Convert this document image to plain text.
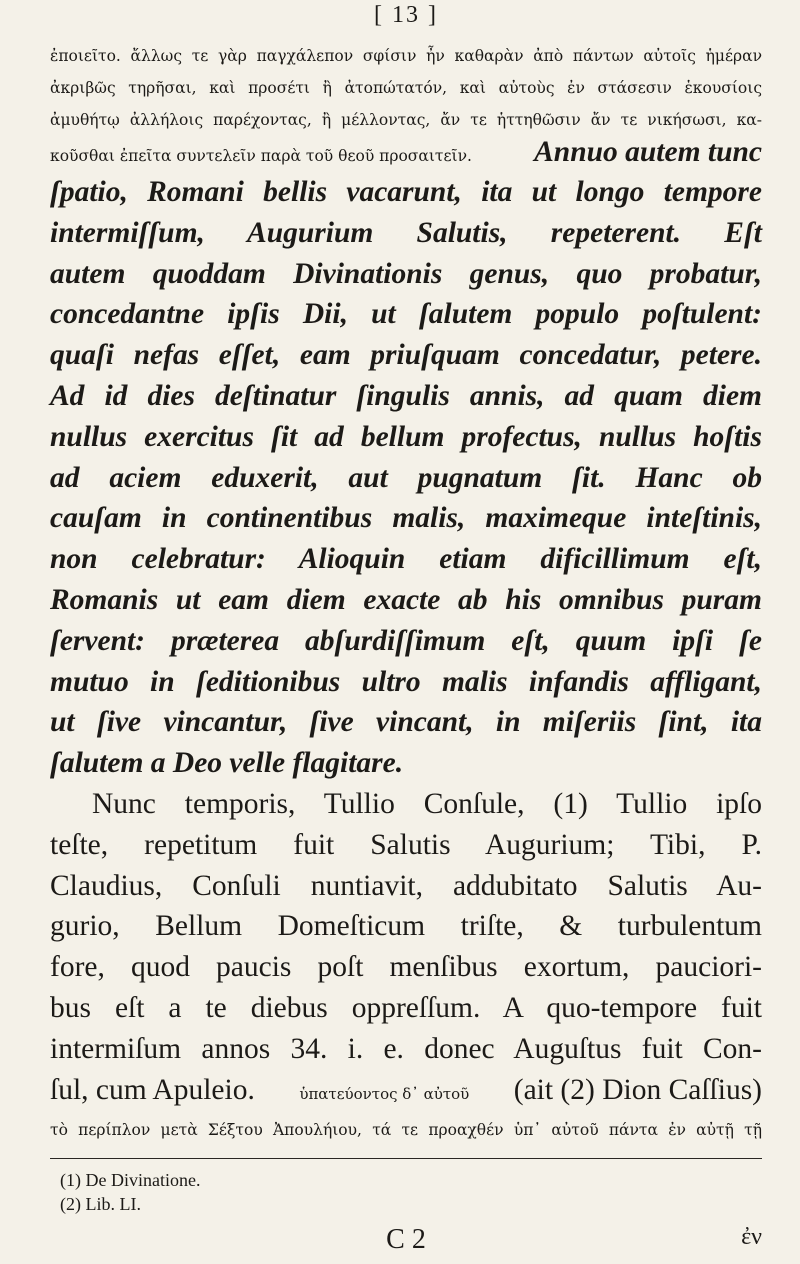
[ 13 ]

ἐποιεῖτο. ἄλλως τε γὰρ παγχάλεπον σφίσιν ἦν καθαρὰν ἀπὸ πάντων αὐτοῖς ἡμέραν

ἀκριβῶς τηρῆσαι, καὶ προσέτι ἢ ἀτοπώτατόν, καὶ αὐτοὺς ἐν στάσεσιν ἑκουσίοις

ἀμυθήτῳ ἀλλήλοις παρέχοντας, ἢ μέλλοντας, ἄν τε ἡττηθῶσιν ἄν τε νικήσωσι, κα-

κοῦσθαι ἐπεῖτα συντελεῖν παρὰ τοῦ θεοῦ προσαιτεῖν. Annuo autem tunc

ſpatio, Romani bellis vacarunt, ita ut longo tempore

intermiſſum, Augurium Salutis, repeterent. Eſt

autem quoddam Divinationis genus, quo probatur,

concedantne ipſis Dii, ut ſalutem populo poſtulent:

quaſi nefas eſſet, eam priuſquam concedatur, petere.

Ad id dies deſtinatur ſingulis annis, ad quam diem

nullus exercitus ſit ad bellum profectus, nullus hoſtis

ad aciem eduxerit, aut pugnatum ſit. Hanc ob

cauſam in continentibus malis, maximeque inteſtinis,

non celebratur: Alioquin etiam dificillimum eſt,

Romanis ut eam diem exacte ab his omnibus puram

ſervent: præterea abſurdiſſimum eſt, quum ipſi ſe

mutuo in ſeditionibus ultro malis infandis affligant,

ut ſive vincantur, ſive vincant, in miſeriis ſint, ita

ſalutem a Deo velle flagitare.

Nunc temporis, Tullio Conſule, (1) Tullio ipſo

teſte, repetitum fuit Salutis Augurium; Tibi, P.

Claudius, Conſuli nuntiavit, addubitato Salutis Au-

gurio, Bellum Domeſticum triſte, & turbulentum

fore, quod paucis poſt menſibus exortum, pauciori-

bus eſt a te diebus oppreſſum. A quo-tempore fuit

intermiſum annos 34. i. e. donec Auguſtus fuit Con-

ſul, cum Apuleio.	ὑπατεύοντος δ᾽ αὐτοῦ (ait (2) Dion Caſſius)

τὸ περίπλον μετὰ Σέξτου Ἀπουλήιου, τά τε προαχθέν ὑπ᾽ αὐτοῦ πάντα ἐν αὐτῇ τῇ

(1) De Divinatione.

(2) Lib. LI.

C 2	ἐν
